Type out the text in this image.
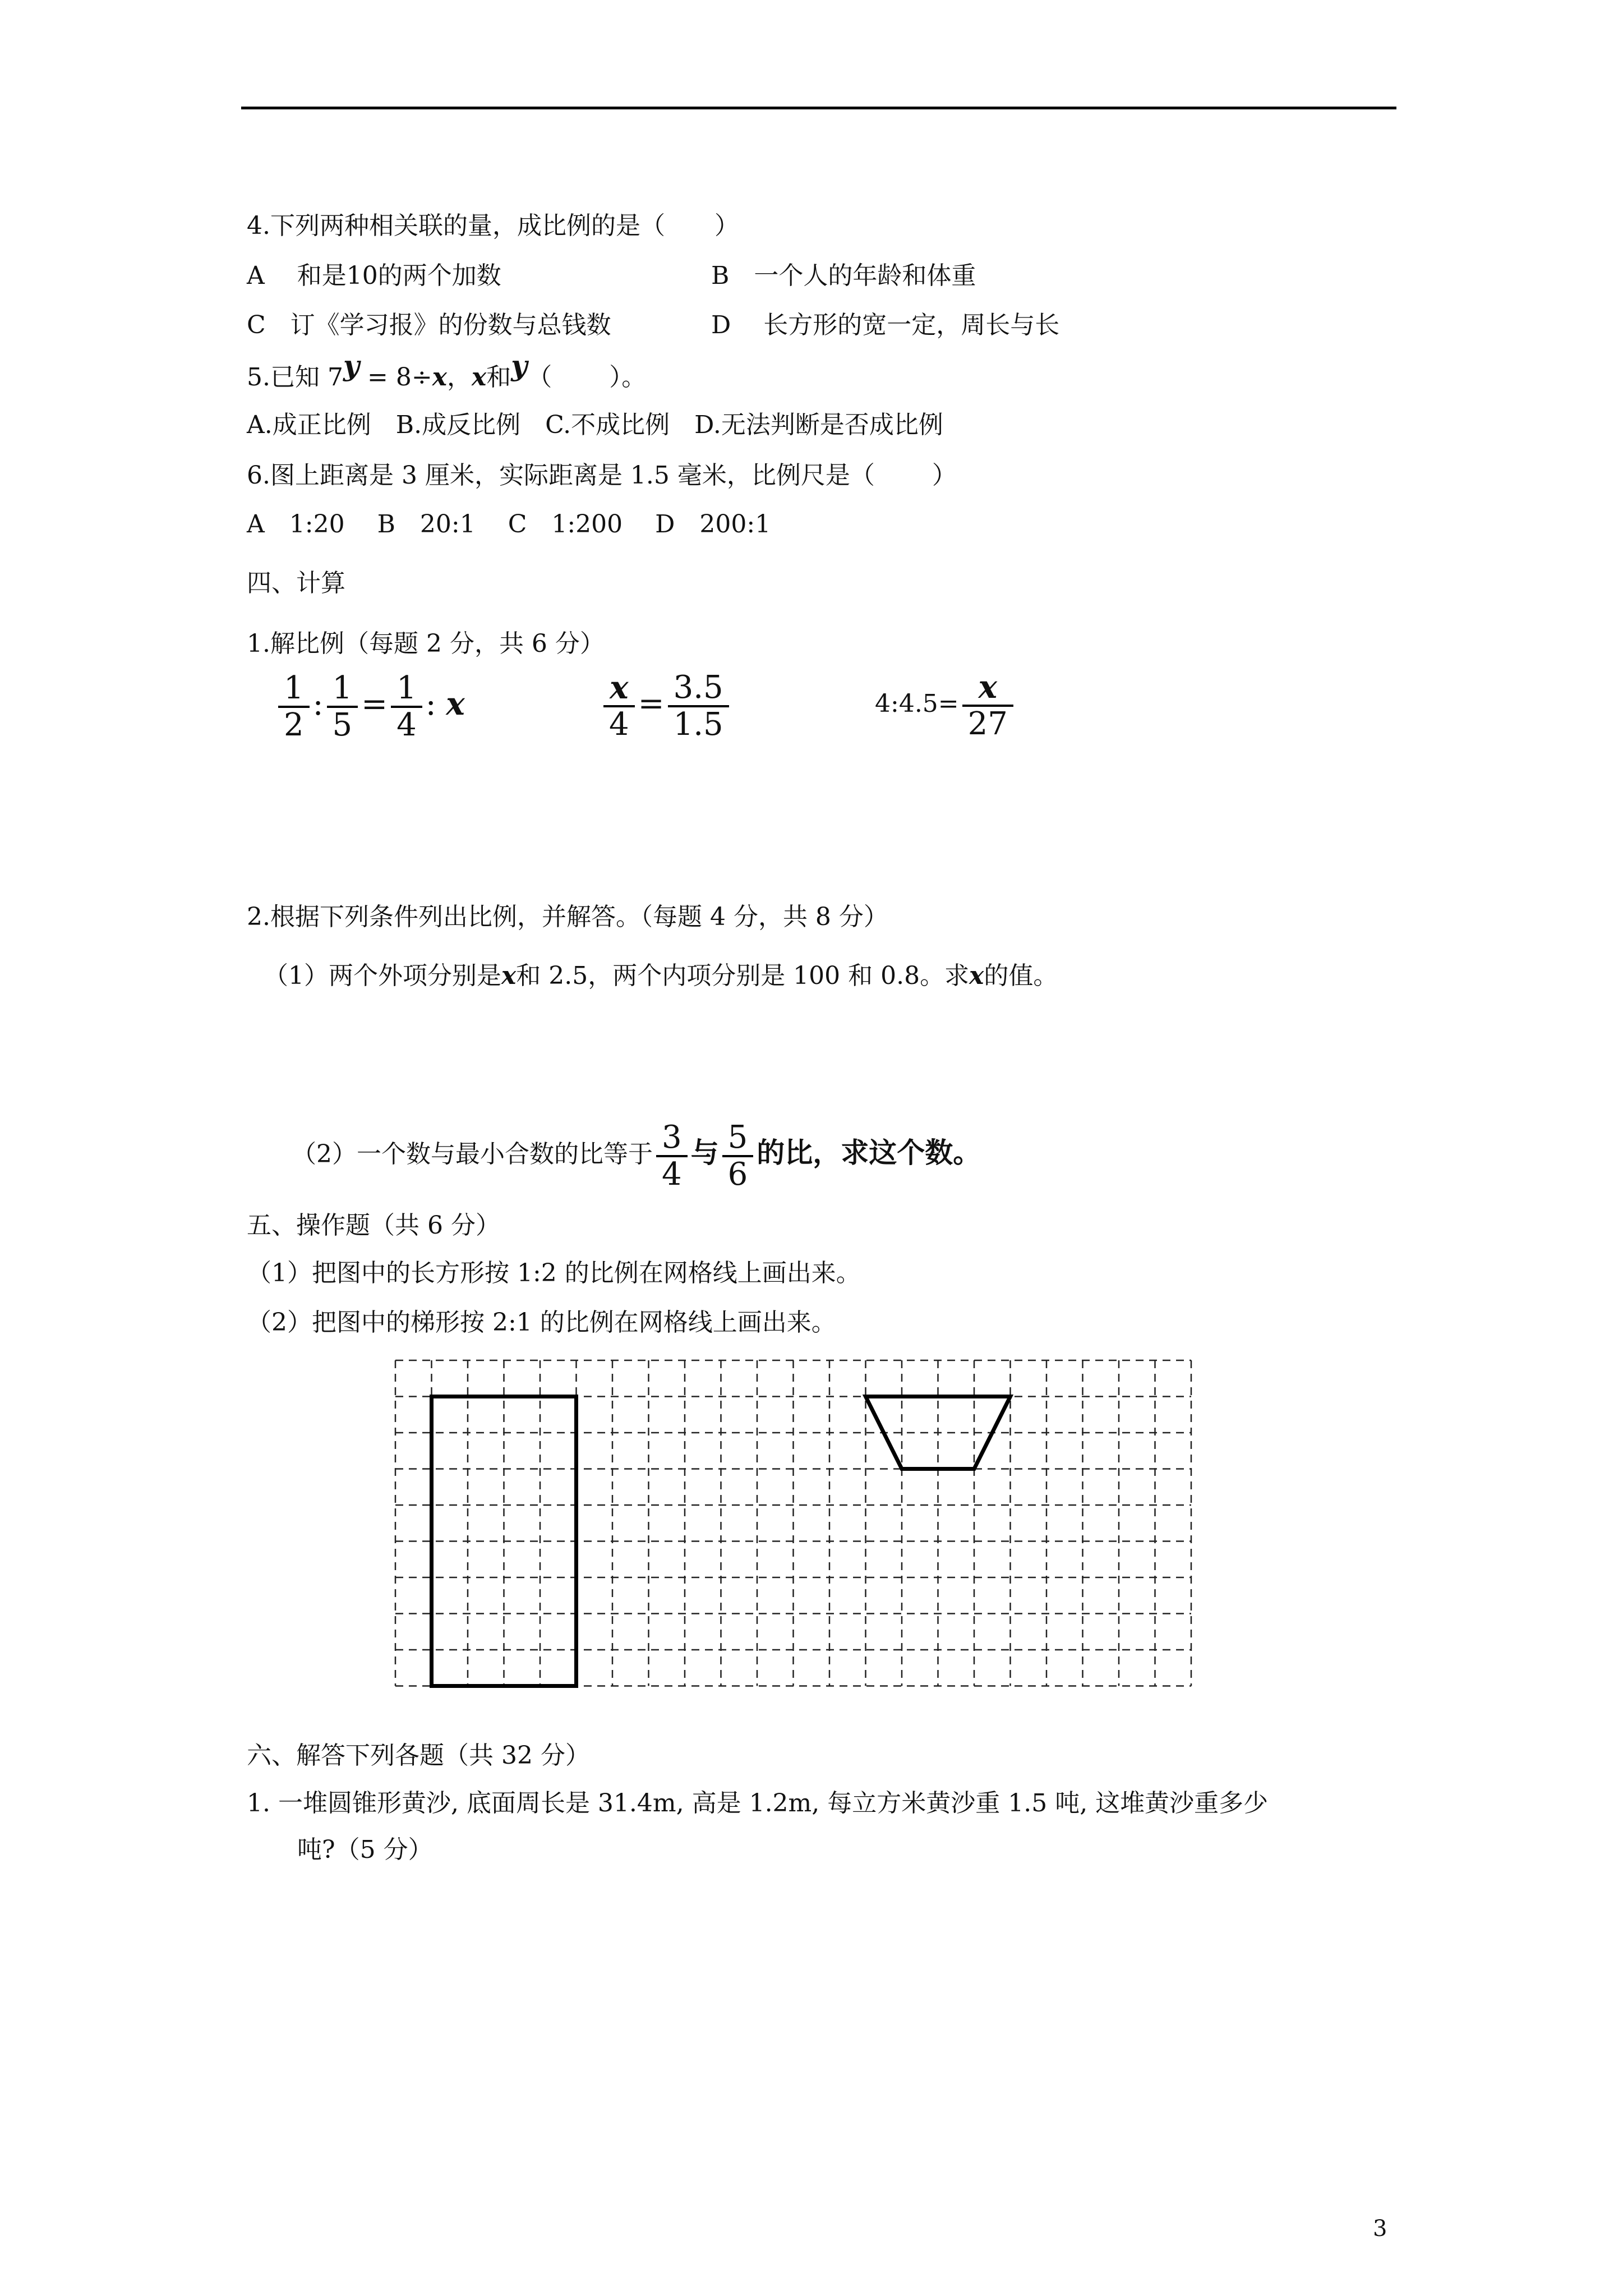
4.下列两种相关联的量，成比例的是（　　）
A　 和是10的两个加数	B　一个人的年龄和体重
C　订《学习报》的份数与总钱数	D　 长方形的宽一定，周长与长
5.已知 7y = 8÷x，x和y（　　 ）。
A.成正比例　B.成反比例　C.不成比例　D.无法判断是否成比例
6.图上距离是 3 厘米，实际距离是 1.5 毫米，比例尺是（　　 ）
A　1:20　 B　20:1　 C　1:200　 D　200:1
四、计算
1.解比例（每题 2 分，共 6 分）
$\frac{1}{2}$ : $\frac{1}{5} = \frac{1}{4}$ : x	$\frac{x}{4} = \frac{3.5}{1.5}$	4:4.5= $\frac{x}{27}$
2.根据下列条件列出比例，并解答。（每题 4 分，共 8 分）
（1）两个外项分别是x和 2.5，两个内项分别是 100 和 0.8。求x的值。
（2）一个数与最小合数的比等于 $\frac{3}{4}$ 与 $\frac{5}{6}$ 的比，求这个数。
五、操作题（共 6 分）
（1）把图中的长方形按 1:2 的比例在网格线上画出来。
（2）把图中的梯形按 2:1 的比例在网格线上画出来。
六、解答下列各题（共 32 分）
1. 一堆圆锥形黄沙, 底面周长是 31.4m, 高是 1.2m, 每立方米黄沙重 1.5 吨, 这堆黄沙重多少
吨?（5 分）
3
